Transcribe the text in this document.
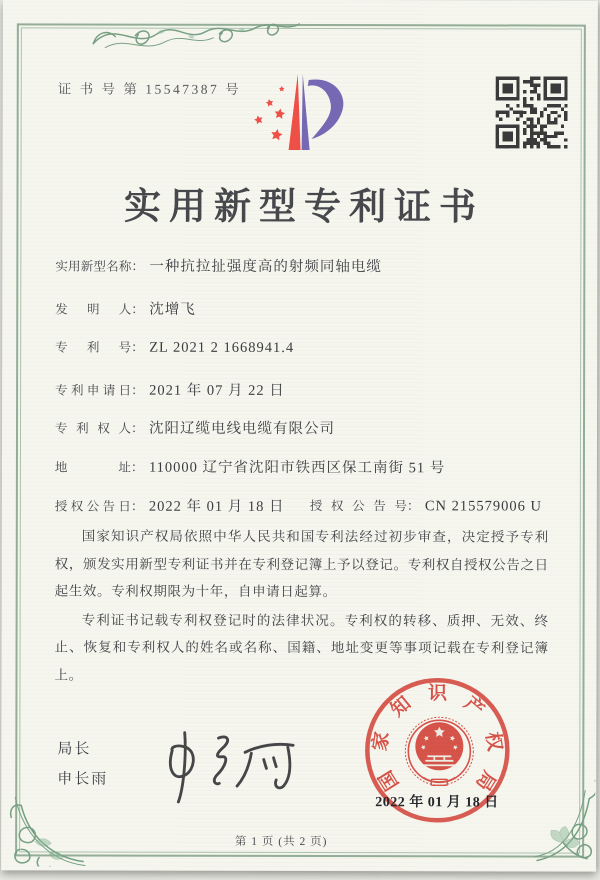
证 书 号 第 15547387 号
实用新型专利证书
实用新型名称 ： 一种抗拉扯强度高的射频同轴电缆
发明人 ： 沈增飞
专利号 ： ZL 2021 2 1668941.4
专利申请日 ： 2021 年 07 月 22 日
专利权人 ： 沈阳辽缆电线电缆有限公司
地址 ： 110000 辽宁省沈阳市铁西区保工南街 51 号
授权公告日 ： 2022 年 01 月 18 日 授权公告号 ： CN 215579006 U

国家知识产权局依照中华人民共和国专利法经过初步审查，决定授予专利权，颁发实用新型专利证书并在专利登记簿上予以登记。专利权自授权公告之日起生效。专利权期限为十年，自申请日起算。

专利证书记载专利权登记时的法律状况。专利权的转移、质押、无效、终止、恢复和专利权人的姓名或名称、国籍、地址变更等事项记载在专利登记簿上。

局长
申长雨	国
家
知 识 产
权
局
2022 年 01 月 18 日
第 1 页 (共 2 页)
